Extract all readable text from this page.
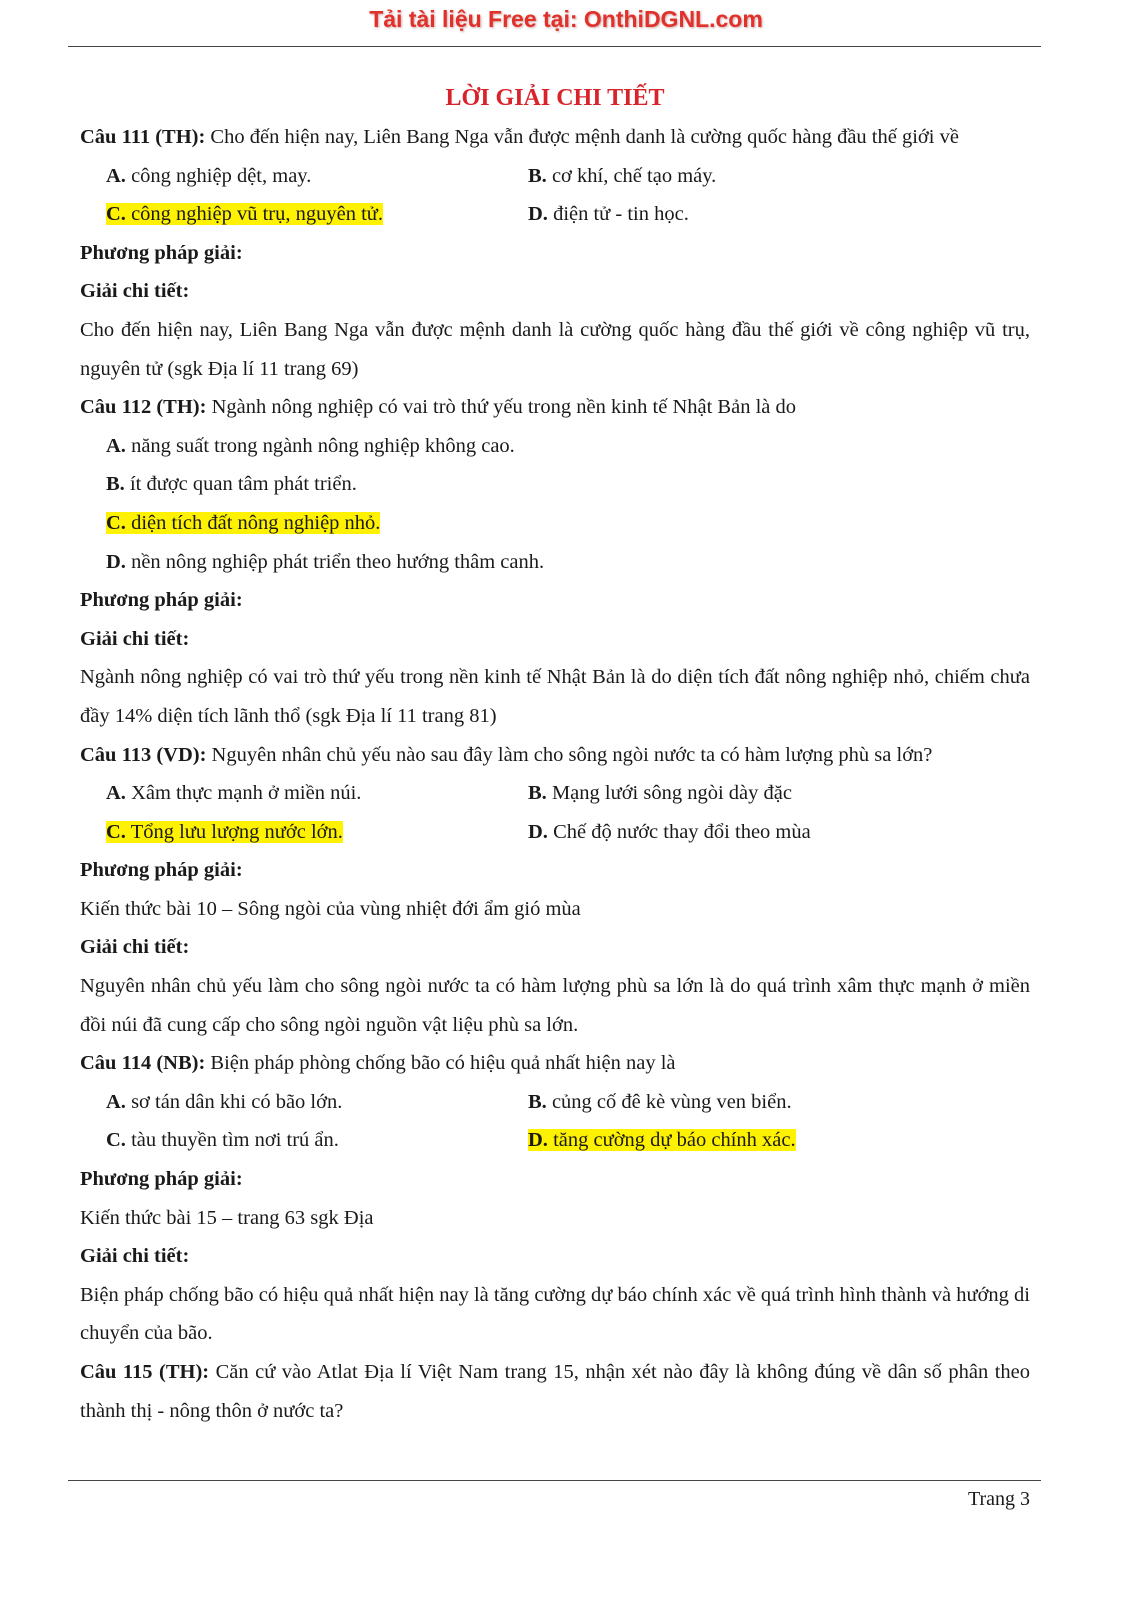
Tải tài liệu Free tại: OnthiDGNL.com
LỜI GIẢI CHI TIẾT
Câu 111 (TH): Cho đến hiện nay, Liên Bang Nga vẫn được mệnh danh là cường quốc hàng đầu thế giới về
A. công nghiệp dệt, may.	B. cơ khí, chế tạo máy.
C. công nghiệp vũ trụ, nguyên tử.	D. điện tử - tin học.
Phương pháp giải:
Giải chi tiết:
Cho đến hiện nay, Liên Bang Nga vẫn được mệnh danh là cường quốc hàng đầu thế giới về công nghiệp vũ trụ, nguyên tử (sgk Địa lí 11 trang 69)
Câu 112 (TH): Ngành nông nghiệp có vai trò thứ yếu trong nền kinh tế Nhật Bản là do
A. năng suất trong ngành nông nghiệp không cao.
B. ít được quan tâm phát triển.
C. diện tích đất nông nghiệp nhỏ.
D. nền nông nghiệp phát triển theo hướng thâm canh.
Phương pháp giải:
Giải chi tiết:
Ngành nông nghiệp có vai trò thứ yếu trong nền kinh tế Nhật Bản là do diện tích đất nông nghiệp nhỏ, chiếm chưa đầy 14% diện tích lãnh thổ (sgk Địa lí 11 trang 81)
Câu 113 (VD): Nguyên nhân chủ yếu nào sau đây làm cho sông ngòi nước ta có hàm lượng phù sa lớn?
A. Xâm thực mạnh ở miền núi.	B. Mạng lưới sông ngòi dày đặc
C. Tổng lưu lượng nước lớn.	D. Chế độ nước thay đổi theo mùa
Phương pháp giải:
Kiến thức bài 10 – Sông ngòi của vùng nhiệt đới ẩm gió mùa
Giải chi tiết:
Nguyên nhân chủ yếu làm cho sông ngòi nước ta có hàm lượng phù sa lớn là do quá trình xâm thực mạnh ở miền đồi núi đã cung cấp cho sông ngòi nguồn vật liệu phù sa lớn.
Câu 114 (NB): Biện pháp phòng chống bão có hiệu quả nhất hiện nay là
A. sơ tán dân khi có bão lớn.	B. củng cố đê kè vùng ven biển.
C. tàu thuyền tìm nơi trú ẩn.	D. tăng cường dự báo chính xác.
Phương pháp giải:
Kiến thức bài 15 – trang 63 sgk Địa
Giải chi tiết:
Biện pháp chống bão có hiệu quả nhất hiện nay là tăng cường dự báo chính xác về quá trình hình thành và hướng di chuyển của bão.
Câu 115 (TH): Căn cứ vào Atlat Địa lí Việt Nam trang 15, nhận xét nào đây là không đúng về dân số phân theo thành thị - nông thôn ở nước ta?
Trang 3
